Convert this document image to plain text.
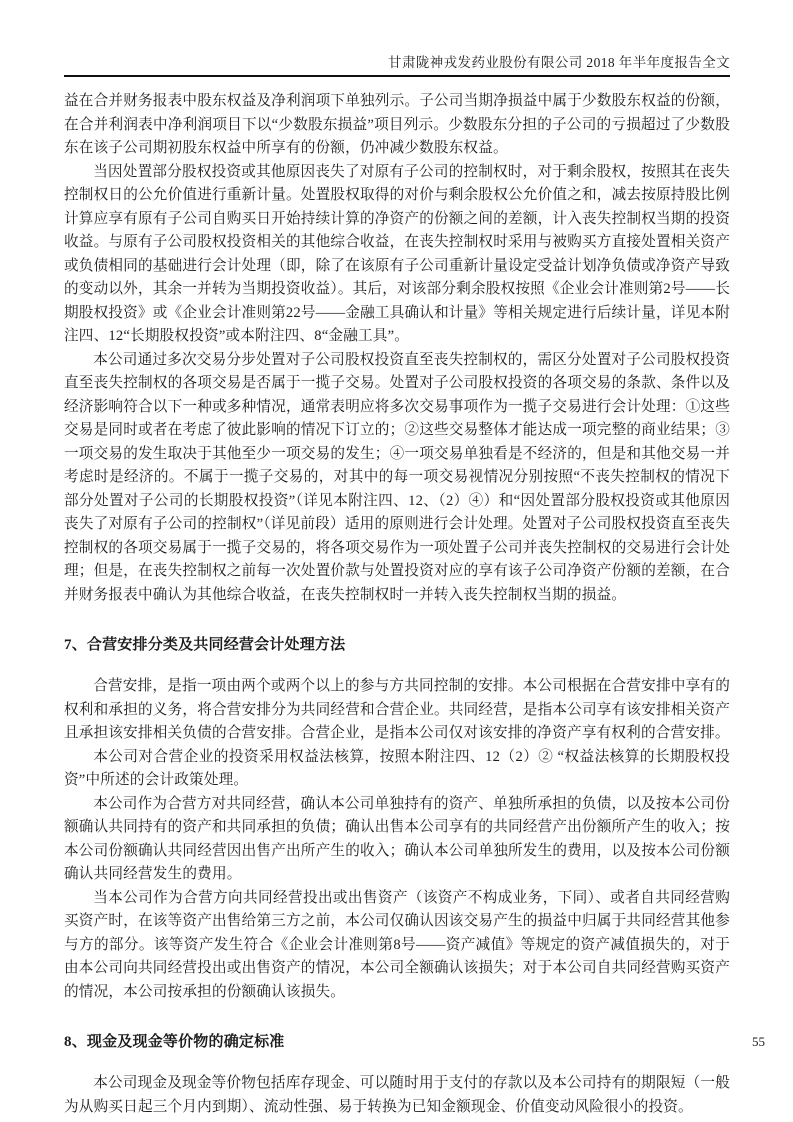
甘肃陇神戎发药业股份有限公司 2018 年半年度报告全文

益在合并财务报表中股东权益及净利润项下单独列示。子公司当期净损益中属于少数股东权益的份额，在合并利润表中净利润项目下以“少数股东损益”项目列示。少数股东分担的子公司的亏损超过了少数股东在该子公司期初股东权益中所享有的份额，仍冲减少数股东权益。

当因处置部分股权投资或其他原因丧失了对原有子公司的控制权时，对于剩余股权，按照其在丧失控制权日的公允价值进行重新计量。处置股权取得的对价与剩余股权公允价值之和，减去按原持股比例计算应享有原有子公司自购买日开始持续计算的净资产的份额之间的差额，计入丧失控制权当期的投资收益。与原有子公司股权投资相关的其他综合收益，在丧失控制权时采用与被购买方直接处置相关资产或负债相同的基础进行会计处理（即，除了在该原有子公司重新计量设定受益计划净负债或净资产导致的变动以外，其余一并转为当期投资收益）。其后，对该部分剩余股权按照《企业会计准则第2号——长期股权投资》或《企业会计准则第22号——金融工具确认和计量》等相关规定进行后续计量，详见本附注四、12“长期股权投资”或本附注四、8“金融工具”。

本公司通过多次交易分步处置对子公司股权投资直至丧失控制权的，需区分处置对子公司股权投资直至丧失控制权的各项交易是否属于一揽子交易。处置对子公司股权投资的各项交易的条款、条件以及经济影响符合以下一种或多种情况，通常表明应将多次交易事项作为一揽子交易进行会计处理：①这些交易是同时或者在考虑了彼此影响的情况下订立的；②这些交易整体才能达成一项完整的商业结果；③一项交易的发生取决于其他至少一项交易的发生；④一项交易单独看是不经济的，但是和其他交易一并考虑时是经济的。不属于一揽子交易的，对其中的每一项交易视情况分别按照“不丧失控制权的情况下部分处置对子公司的长期股权投资”（详见本附注四、12、（2）④）和“因处置部分股权投资或其他原因丧失了对原有子公司的控制权”（详见前段）适用的原则进行会计处理。处置对子公司股权投资直至丧失控制权的各项交易属于一揽子交易的，将各项交易作为一项处置子公司并丧失控制权的交易进行会计处理；但是，在丧失控制权之前每一次处置价款与处置投资对应的享有该子公司净资产份额的差额，在合并财务报表中确认为其他综合收益，在丧失控制权时一并转入丧失控制权当期的损益。

7、合营安排分类及共同经营会计处理方法

合营安排，是指一项由两个或两个以上的参与方共同控制的安排。本公司根据在合营安排中享有的权利和承担的义务，将合营安排分为共同经营和合营企业。共同经营，是指本公司享有该安排相关资产且承担该安排相关负债的合营安排。合营企业，是指本公司仅对该安排的净资产享有权利的合营安排。

本公司对合营企业的投资采用权益法核算，按照本附注四、12（2）② “权益法核算的长期股权投资”中所述的会计政策处理。

本公司作为合营方对共同经营，确认本公司单独持有的资产、单独所承担的负债，以及按本公司份额确认共同持有的资产和共同承担的负债；确认出售本公司享有的共同经营产出份额所产生的收入；按本公司份额确认共同经营因出售产出所产生的收入；确认本公司单独所发生的费用，以及按本公司份额确认共同经营发生的费用。

当本公司作为合营方向共同经营投出或出售资产（该资产不构成业务，下同）、或者自共同经营购买资产时，在该等资产出售给第三方之前，本公司仅确认因该交易产生的损益中归属于共同经营其他参与方的部分。该等资产发生符合《企业会计准则第8号——资产减值》等规定的资产减值损失的，对于由本公司向共同经营投出或出售资产的情况，本公司全额确认该损失；对于本公司自共同经营购买资产的情况，本公司按承担的份额确认该损失。

8、现金及现金等价物的确定标准

本公司现金及现金等价物包括库存现金、可以随时用于支付的存款以及本公司持有的期限短（一般为从购买日起三个月内到期）、流动性强、易于转换为已知金额现金、价值变动风险很小的投资。

55
